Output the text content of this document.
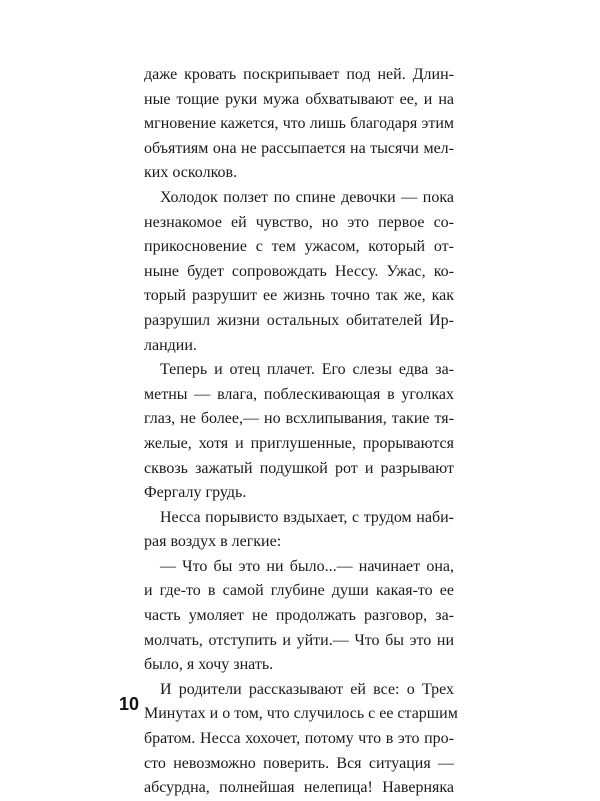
даже кровать поскрипывает под ней. Длин-
ные тощие руки мужа обхватывают ее, и на
мгновение кажется, что лишь благодаря этим
объятиям она не рассыпается на тысячи мел-
ких осколков.
Холодок ползет по спине девочки — пока
незнакомое ей чувство, но это первое со-
прикосновение с тем ужасом, который от-
ныне будет сопровождать Нессу. Ужас, ко-
торый разрушит ее жизнь точно так же, как
разрушил жизни остальных обитателей Ир-
ландии.
Теперь и отец плачет. Его слезы едва за-
метны — влага, поблескивающая в уголках
глаз, не более,— но всхлипывания, такие тя-
желые, хотя и приглушенные, прорываются
сквозь зажатый подушкой рот и разрывают
Фергалу грудь.
Несса порывисто вздыхает, с трудом наби-
рая воздух в легкие:
— Что бы это ни было...— начинает она,
и где-то в самой глубине души какая-то ее
часть умоляет не продолжать разговор, за-
молчать, отступить и уйти.— Что бы это ни
было, я хочу знать.
И родители рассказывают ей все: о Трех
Минутах и о том, что случилось с ее старшим
братом. Несса хохочет, потому что в это про-
сто невозможно поверить. Вся ситуация —
абсурдна, полнейшая нелепица! Наверняка
10
